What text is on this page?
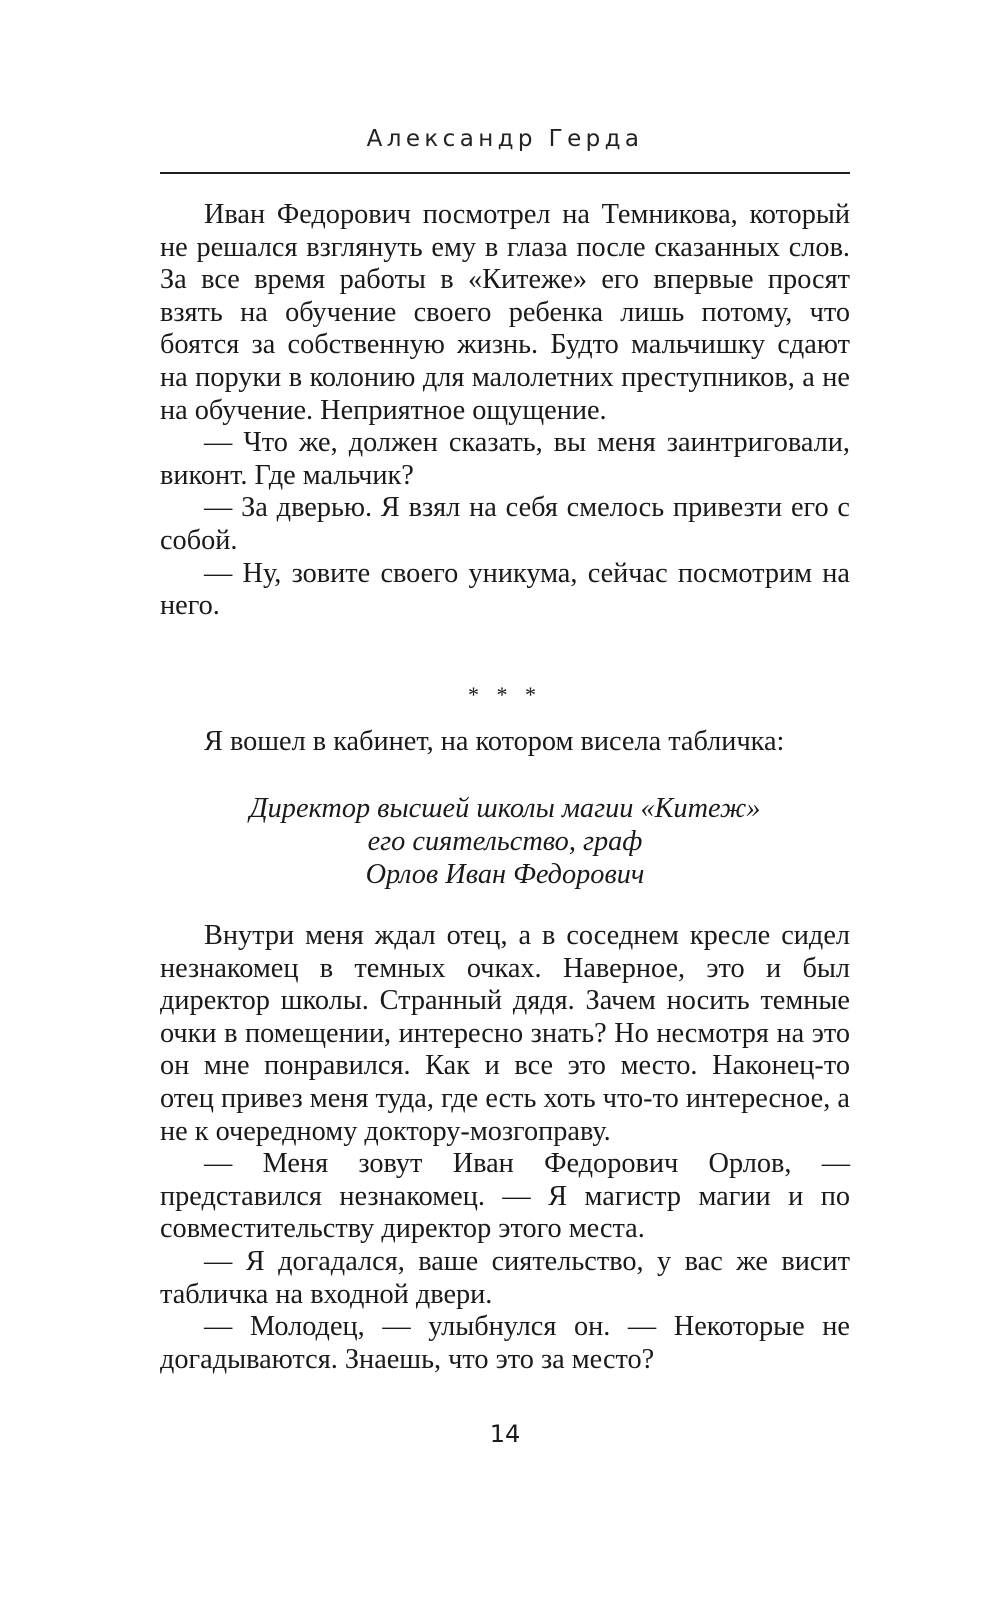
Александр Герда

Иван Федорович посмотрел на Темникова, который не решался взглянуть ему в глаза после сказанных слов. За все время работы в «Китеже» его впервые просят взять на обучение своего ребенка лишь потому, что боятся за собственную жизнь. Будто мальчишку сдают на поруки в колонию для малолетних преступников, а не на обучение. Неприятное ощущение.

— Что же, должен сказать, вы меня заинтриговали, виконт. Где мальчик?

— За дверью. Я взял на себя смелось привезти его с собой.

— Ну, зовите своего уникума, сейчас посмотрим на него.

* * *

Я вошел в кабинет, на котором висела табличка:

Директор высшей школы магии «Китеж»
его сиятельство, граф
Орлов Иван Федорович

Внутри меня ждал отец, а в соседнем кресле сидел незнакомец в темных очках. Наверное, это и был директор школы. Странный дядя. Зачем носить темные очки в помещении, интересно знать? Но несмотря на это он мне понравился. Как и все это место. Наконец-то отец привез меня туда, где есть хоть что-то интересное, а не к очередному доктору-мозгоправу.

— Меня зовут Иван Федорович Орлов, — представился незнакомец. — Я магистр магии и по совместительству директор этого места.

— Я догадался, ваше сиятельство, у вас же висит табличка на входной двери.

— Молодец, — улыбнулся он. — Некоторые не догадываются. Знаешь, что это за место?

14
